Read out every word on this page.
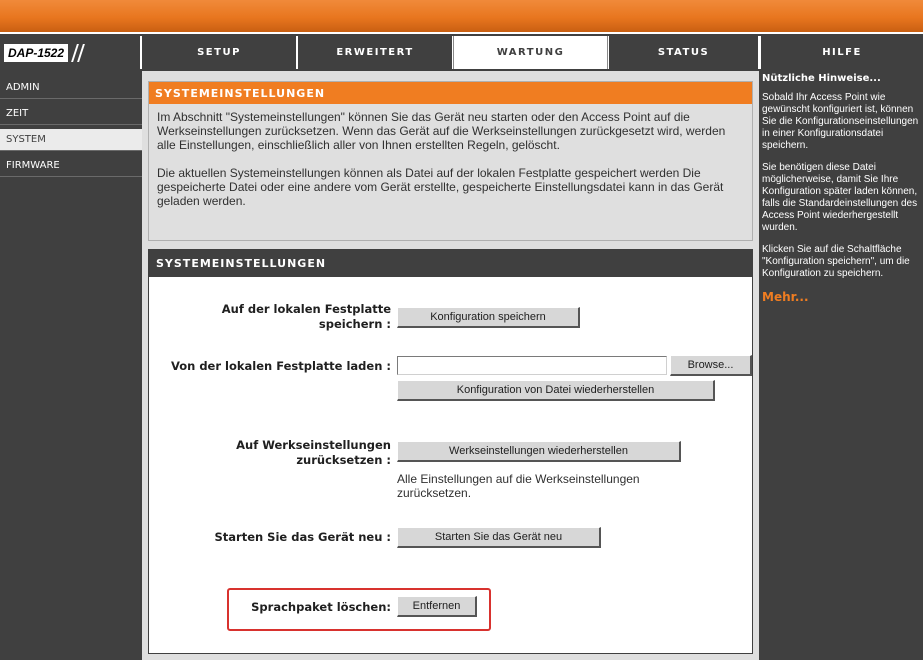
DAP-1522	SETUP	ERWEITERT	WARTUNG	STATUS	HILFE
ADMIN
ZEIT
SYSTEM
FIRMWARE
SYSTEMEINSTELLUNGEN

Im Abschnitt "Systemeinstellungen" können Sie das Gerät neu starten oder den Access Point auf die Werkseinstellungen zurücksetzen. Wenn das Gerät auf die Werkseinstellungen zurückgesetzt wird, werden alle Einstellungen, einschließlich aller von Ihnen erstellten Regeln, gelöscht.

Die aktuellen Systemeinstellungen können als Datei auf der lokalen Festplatte gespeichert werden Die gespeicherte Datei oder eine andere vom Gerät erstellte, gespeicherte Einstellungsdatei kann in das Gerät geladen werden.

SYSTEMEINSTELLUNGEN
Auf der lokalen Festplatte
speichern :	Konfiguration speichern
Von der lokalen Festplatte laden :	Browse...
Konfiguration von Datei wiederherstellen
Auf Werkseinstellungen
zurücksetzen :
Werkseinstellungen wiederherstellen
Alle Einstellungen auf die Werkseinstellungen zurücksetzen.
Starten Sie das Gerät neu :	Starten Sie das Gerät neu
Sprachpaket löschen:	Entfernen
Nützliche Hinweise...
Sobald Ihr Access Point wie gewünscht konfiguriert ist, können Sie die Konfigurationseinstellungen in einer Konfigurationsdatei speichern.
Sie benötigen diese Datei möglicherweise, damit Sie Ihre Konfiguration später laden können, falls die Standardeinstellungen des Access Point wiederhergestellt wurden.
Klicken Sie auf die Schaltfläche "Konfiguration speichern", um die Konfiguration zu speichern.
Mehr...
